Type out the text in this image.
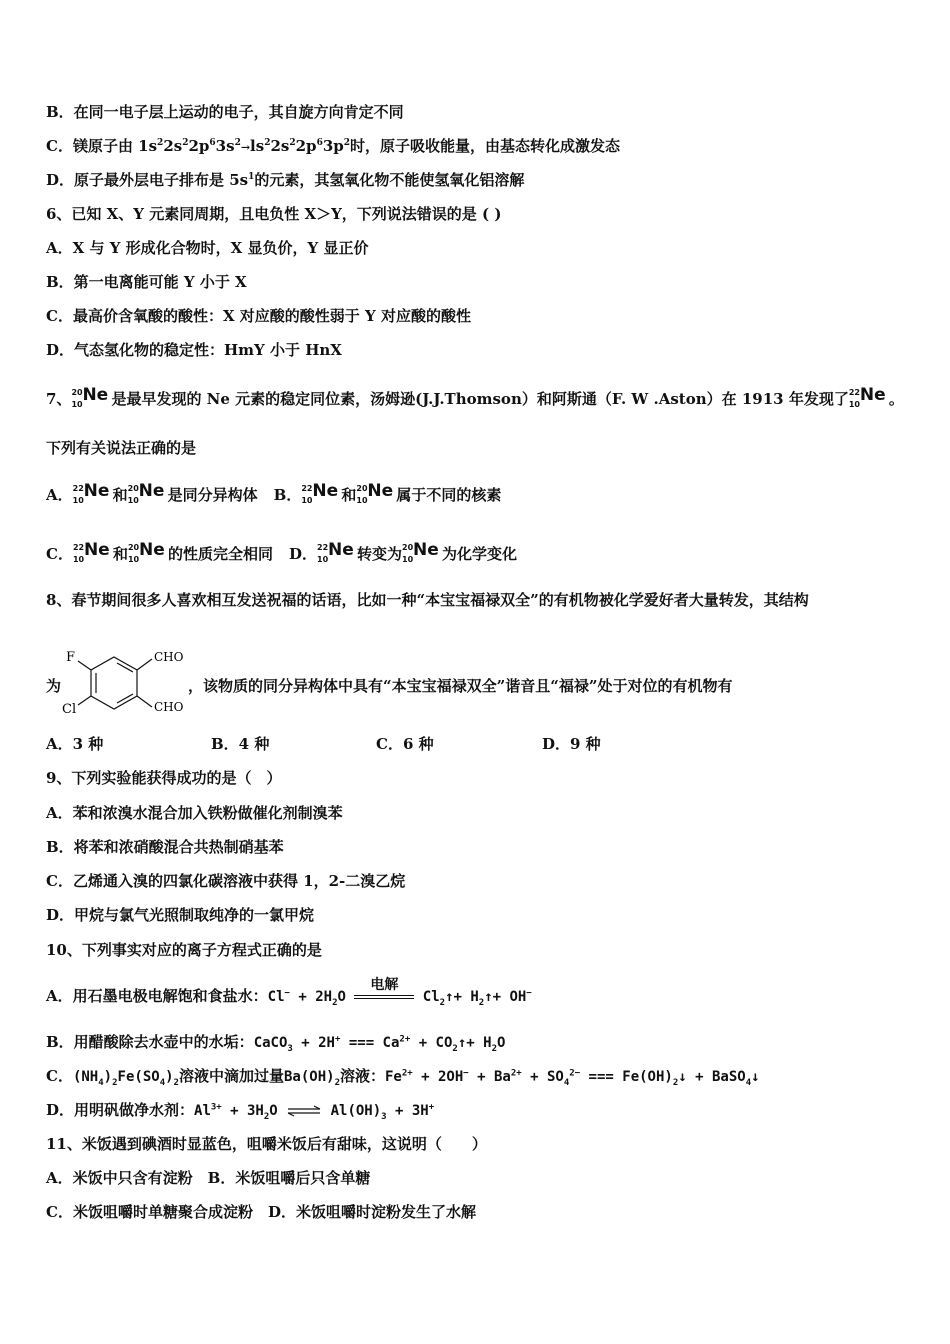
B．在同一电子层上运动的电子，其自旋方向肯定不同
C．镁原子由 $1s^22s^22p^63s^2\to ls^22s^22p^63p^2$时，原子吸收能量，由基态转化成激发态
D．原子最外层电子排布是 $5s^1$的元素，其氢氧化物不能使氢氧化铝溶解
6、已知 X、Y 元素同周期，且电负性 X＞Y，下列说法错误的是 ( )
A．X 与 Y 形成化合物时，X 显负价，Y 显正价
B．第一电离能可能 Y 小于 X
C．最高价含氧酸的酸性：X 对应酸的酸性弱于 Y 对应酸的酸性
D．气态氢化物的稳定性：HmY 小于 HnX
7、 20
10 Ne 是最早发现的 Ne 元素的稳定同位素，汤姆逊(J.J.Thomson）和阿斯通（F. W .Aston）在 1913 年发现了 22
10 Ne 。
下列有关说法正确的是
A． 22
10 Ne 和 20
10 Ne 是同分异构体 B． 22
10 Ne 和 20
10 Ne 属于不同的核素
C． 22
10 Ne 和 20
10 Ne 的性质完全相同 D． 22
10 Ne 转变为 20
10 Ne 为化学变化
8、春节期间很多人喜欢相互发送祝福的话语，比如一种“本宝宝福禄双全”的有机物被化学爱好者大量转发，其结构
F
Cl
CHO
CHO
为	，该物质的同分异构体中具有“本宝宝福禄双全”谐音且“福禄”处于对位的有机物有
A．3 种	B．4 种	C．6 种	D．9 种
9、下列实验能获得成功的是（　）
A．苯和浓溴水混合加入铁粉做催化剂制溴苯
B．将苯和浓硝酸混合共热制硝基苯
C．乙烯通入溴的四氯化碳溶液中获得 1，2-二溴乙烷
D．甲烷与氯气光照制取纯净的一氯甲烷
10、下列事实对应的离子方程式正确的是
A．用石墨电极电解饱和食盐水：$Cl^- + 2H_2O$
电解
$Cl_2↑+$ $H_2↑+ OH^-$
B．用醋酸除去水壶中的水垢：CaCO$_3$ + 2H+ === $Ca^{2+}$ + $CO_2↑+ H_2O$
C．$(NH_4)_2Fe(SO_4)_2$溶液中滴加过量$Ba(OH)_2$溶液：$Fe^{2+} + 2OH^- + Ba^{2+} + SO_4^{2-}$ === $Fe(OH)_2↓$ + BaSO$_4$↓
D．用明矾做净水剂：$Al^{3+} + 3H_2O$ ⇌ $Al(OH)_3 + 3H^+$
11、米饭遇到碘酒时显蓝色，咀嚼米饭后有甜味，这说明（　　）
A．米饭中只含有淀粉　B．米饭咀嚼后只含单糖
C．米饭咀嚼时单糖聚合成淀粉　D．米饭咀嚼时淀粉发生了水解
